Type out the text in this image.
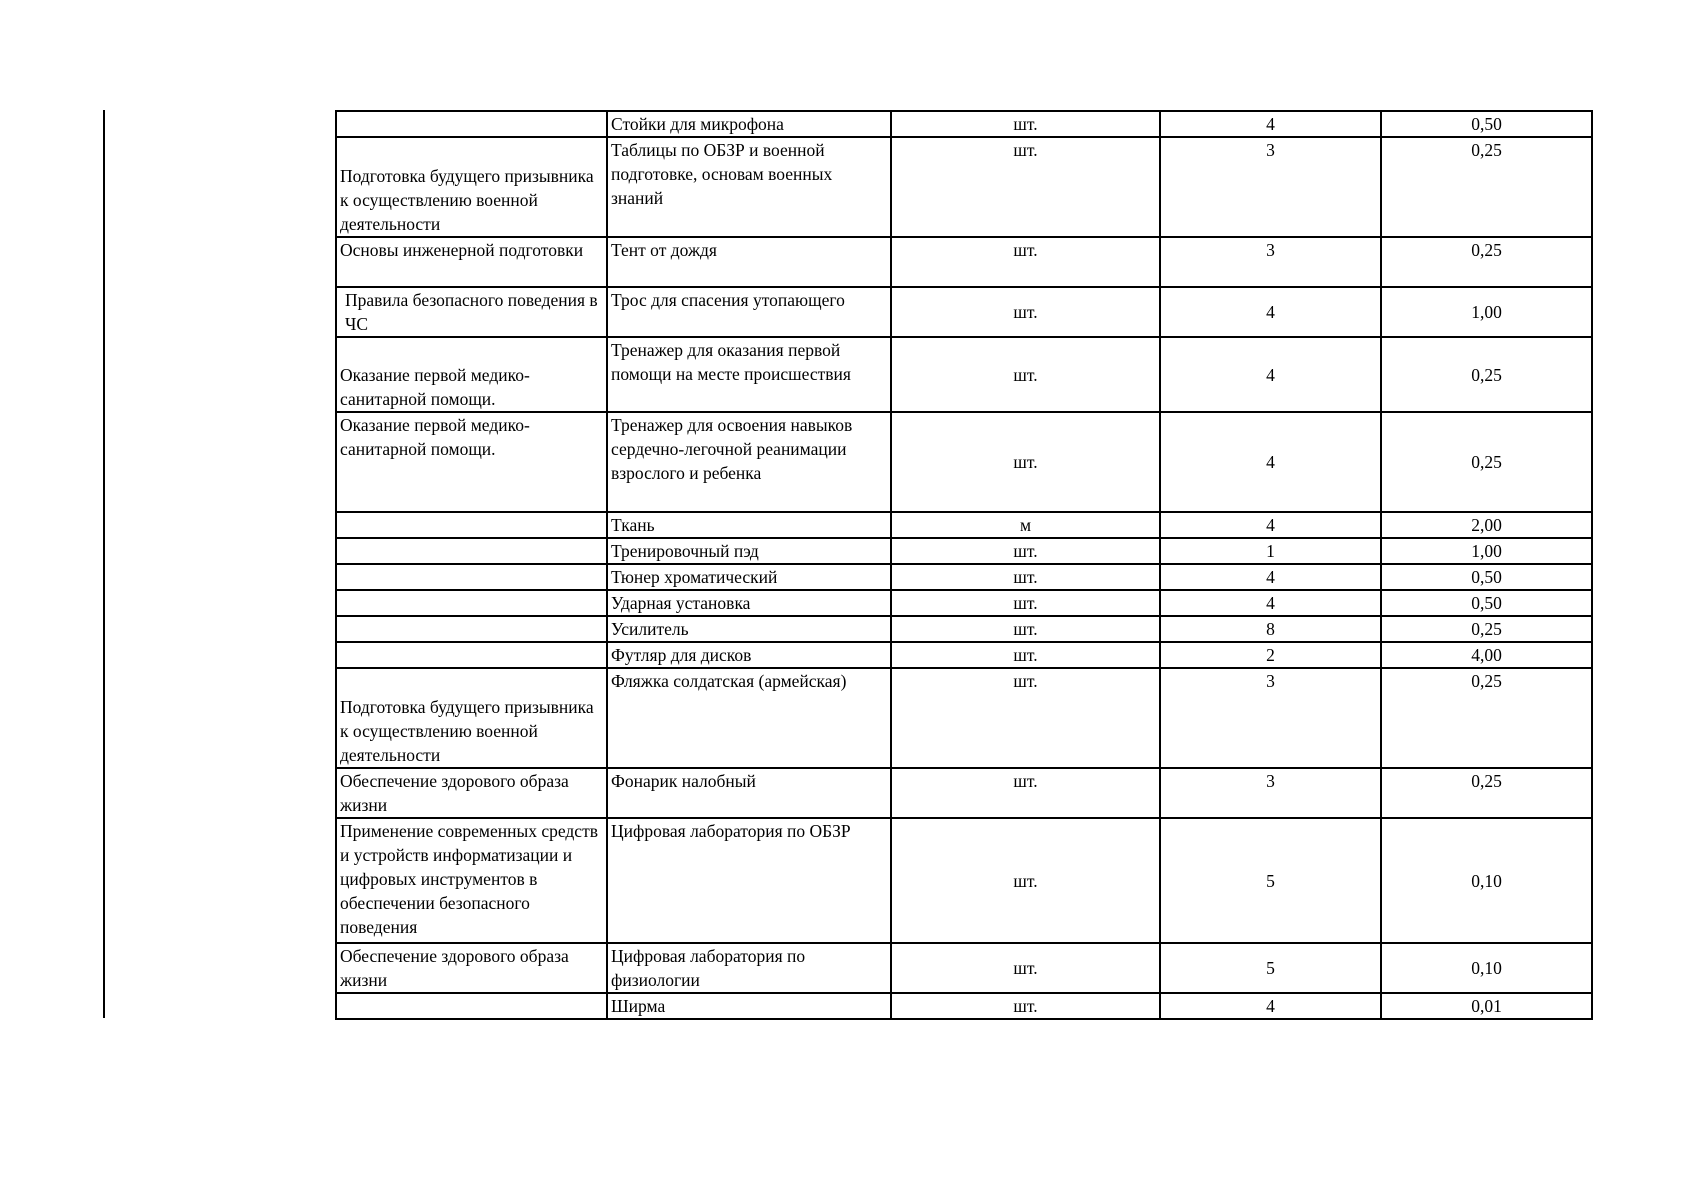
	Стойки для микрофона	шт.	4	0,50
Подготовка будущего призывника к осуществлению военной деятельности	Таблицы по ОБЗР и военной подготовке, основам военных знаний	шт.	3	0,25
Основы инженерной подготовки	Тент от дождя	шт.	3	0,25
Правила безопасного поведения в ЧС	Трос для спасения утопающего	шт.	4	1,00
Оказание первой медико-санитарной помощи.	Тренажер для оказания первой помощи на месте происшествия	шт.	4	0,25
Оказание первой медико-санитарной помощи.	Тренажер для освоения навыков сердечно-легочной реанимации взрослого и ребенка	шт.	4	0,25
	Ткань	м	4	2,00
	Тренировочный пэд	шт.	1	1,00
	Тюнер хроматический	шт.	4	0,50
	Ударная установка	шт.	4	0,50
	Усилитель	шт.	8	0,25
	Футляр для дисков	шт.	2	4,00
Подготовка будущего призывника к осуществлению военной деятельности	Фляжка солдатская (армейская)	шт.	3	0,25
Обеспечение здорового образа жизни	Фонарик налобный	шт.	3	0,25
Применение современных средств и устройств информатизации и цифровых инструментов в обеспечении безопасного поведения	Цифровая лаборатория по ОБЗР	шт.	5	0,10
Обеспечение здорового образа жизни	Цифровая лаборатория по физиологии	шт.	5	0,10
	Ширма	шт.	4	0,01
